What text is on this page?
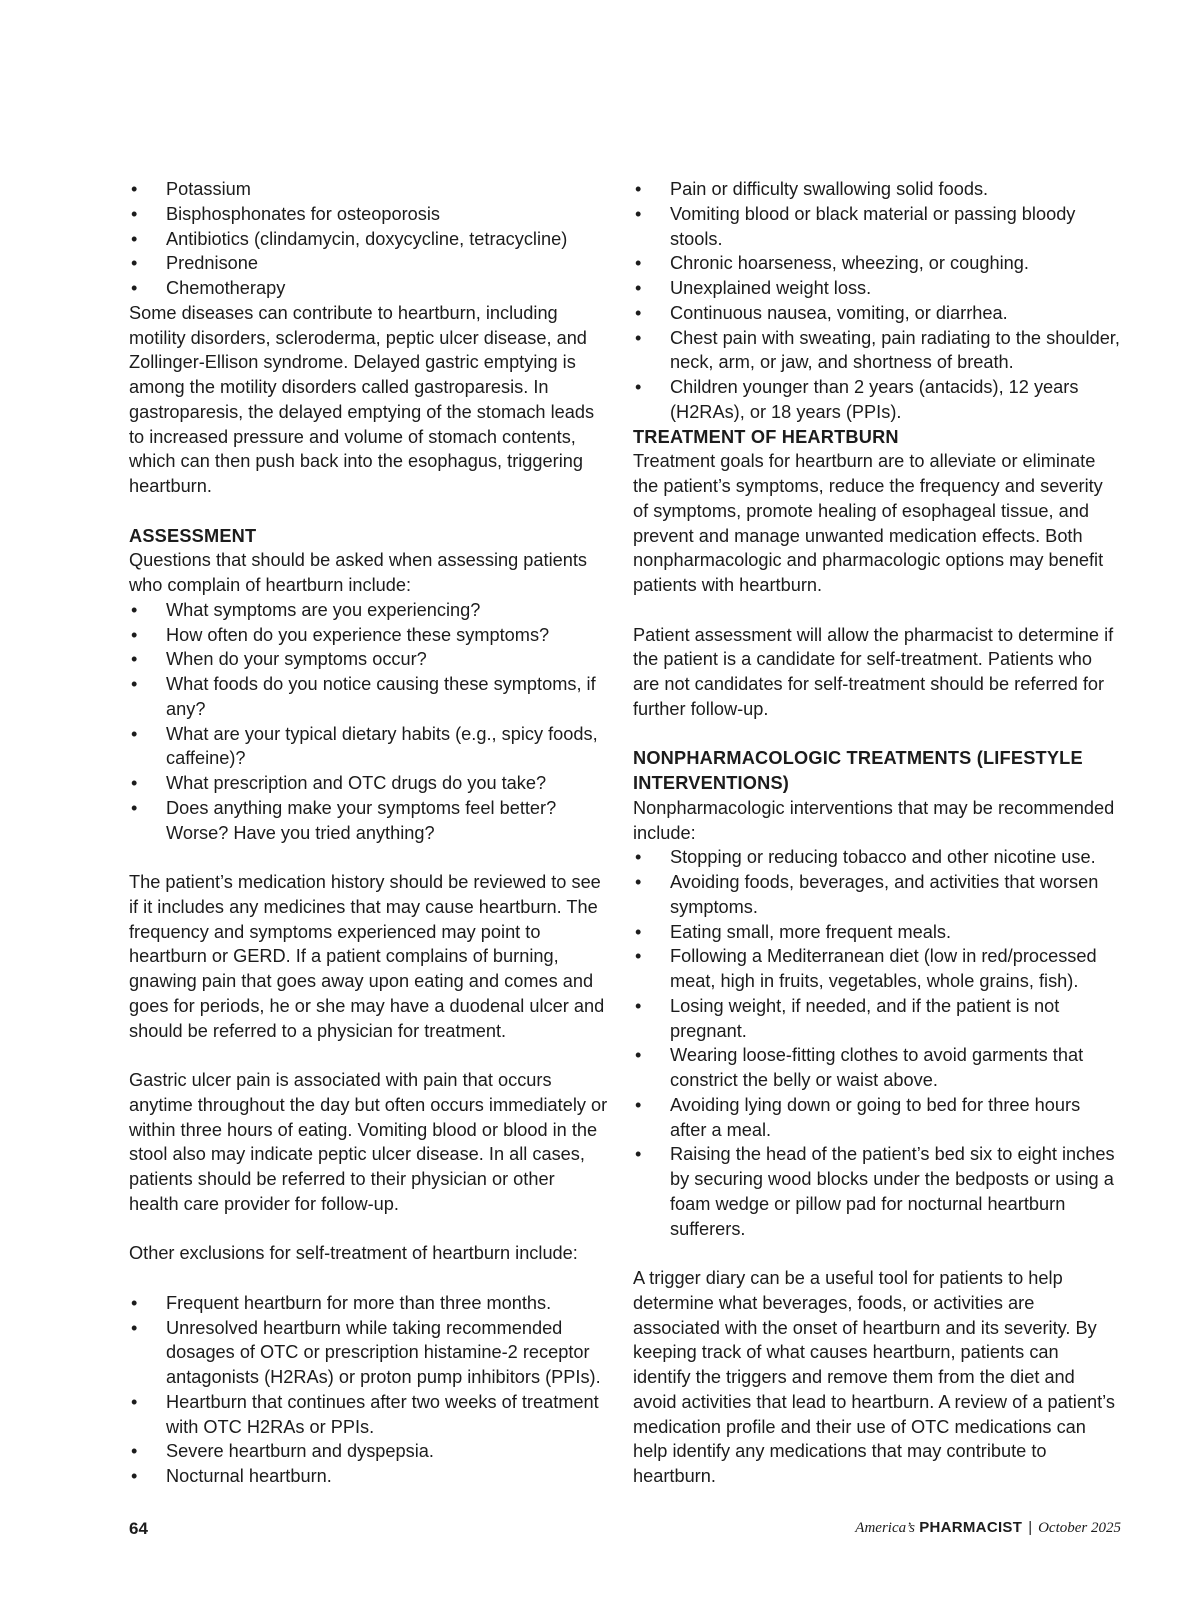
• Potassium
• Bisphosphonates for osteoporosis
• Antibiotics (clindamycin, doxycycline, tetracycline)
• Prednisone
• Chemotherapy

Some diseases can contribute to heartburn, including motility disorders, scleroderma, peptic ulcer disease, and Zollinger-Ellison syndrome. Delayed gastric emptying is among the motility disorders called gastroparesis. In gastroparesis, the delayed emptying of the stomach leads to increased pressure and volume of stomach contents, which can then push back into the esophagus, triggering heartburn.

ASSESSMENT

Questions that should be asked when assessing patients who complain of heartburn include:

• What symptoms are you experiencing?
• How often do you experience these symptoms?
• When do your symptoms occur?
• What foods do you notice causing these symptoms, if any?
• What are your typical dietary habits (e.g., spicy foods, caffeine)?
• What prescription and OTC drugs do you take?
• Does anything make your symptoms feel better? Worse? Have you tried anything?

The patient’s medication history should be reviewed to see if it includes any medicines that may cause heartburn. The frequency and symptoms experienced may point to heartburn or GERD. If a patient complains of burning, gnawing pain that goes away upon eating and comes and goes for periods, he or she may have a duodenal ulcer and should be referred to a physician for treatment.

Gastric ulcer pain is associated with pain that occurs anytime throughout the day but often occurs immediately or within three hours of eating. Vomiting blood or blood in the stool also may indicate peptic ulcer disease. In all cases, patients should be referred to their physician or other health care provider for follow-up.

Other exclusions for self-treatment of heartburn include:

• Frequent heartburn for more than three months.
• Unresolved heartburn while taking recommended dosages of OTC or prescription histamine-2 receptor antagonists (H2RAs) or proton pump inhibitors (PPIs).
• Heartburn that continues after two weeks of treatment with OTC H2RAs or PPIs.
• Severe heartburn and dyspepsia.
• Nocturnal heartburn.
• Pain or difficulty swallowing solid foods.
• Vomiting blood or black material or passing bloody stools.
• Chronic hoarseness, wheezing, or coughing.
• Unexplained weight loss.
• Continuous nausea, vomiting, or diarrhea.
• Chest pain with sweating, pain radiating to the shoulder, neck, arm, or jaw, and shortness of breath.
• Children younger than 2 years (antacids), 12 years (H2RAs), or 18 years (PPIs).
TREATMENT OF HEARTBURN

Treatment goals for heartburn are to alleviate or eliminate the patient’s symptoms, reduce the frequency and severity of symptoms, promote healing of esophageal tissue, and prevent and manage unwanted medication effects. Both nonpharmacologic and pharmacologic options may benefit patients with heartburn.

Patient assessment will allow the pharmacist to determine if the patient is a candidate for self-treatment. Patients who are not candidates for self-treatment should be referred for further follow-up.

NONPHARMACOLOGIC TREATMENTS (LIFESTYLE INTERVENTIONS)

Nonpharmacologic interventions that may be recommended include:

• Stopping or reducing tobacco and other nicotine use.
• Avoiding foods, beverages, and activities that worsen symptoms.
• Eating small, more frequent meals.
• Following a Mediterranean diet (low in red/processed meat, high in fruits, vegetables, whole grains, fish).
• Losing weight, if needed, and if the patient is not pregnant.
• Wearing loose-fitting clothes to avoid garments that constrict the belly or waist above.
• Avoiding lying down or going to bed for three hours after a meal.
• Raising the head of the patient’s bed six to eight inches by securing wood blocks under the bedposts or using a foam wedge or pillow pad for nocturnal heartburn sufferers.

A trigger diary can be a useful tool for patients to help determine what beverages, foods, or activities are associated with the onset of heartburn and its severity. By keeping track of what causes heartburn, patients can identify the triggers and remove them from the diet and avoid activities that lead to heartburn. A review of a patient’s medication profile and their use of OTC medications can help identify any medications that may contribute to heartburn.

64	America’s PHARMACIST | October 2025
